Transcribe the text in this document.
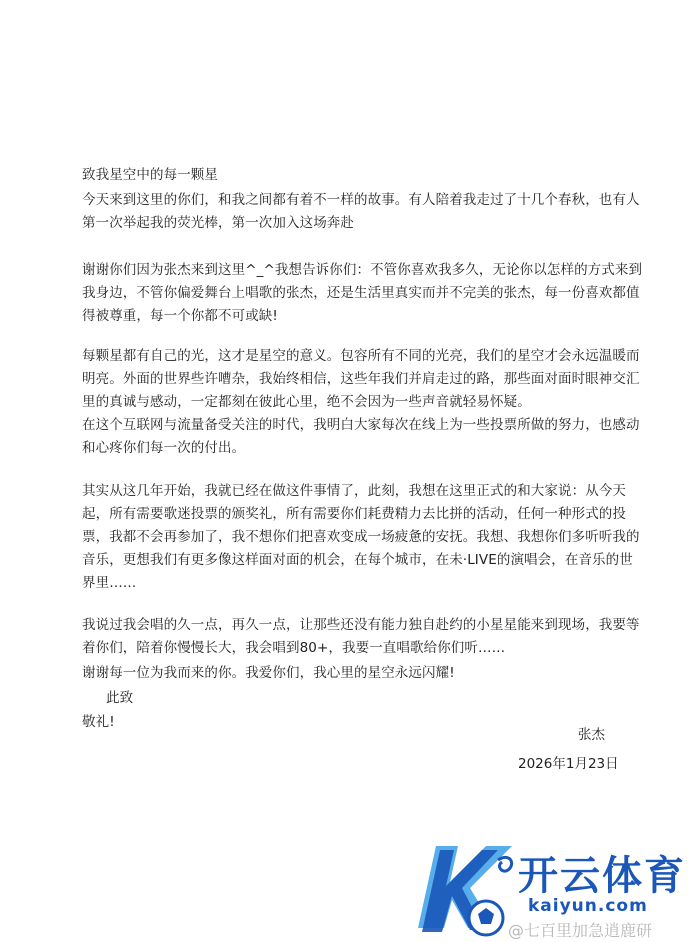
致我星空中的每一颗星
今天来到这里的你们，和我之间都有着不一样的故事。有人陪着我走过了十几个春秋，也有人
第一次举起我的荧光棒，第一次加入这场奔赴
谢谢你们因为张杰来到这里^_^我想告诉你们：不管你喜欢我多久，无论你以怎样的方式来到
我身边，不管你偏爱舞台上唱歌的张杰，还是生活里真实而并不完美的张杰，每一份喜欢都值
得被尊重，每一个你都不可或缺!
每颗星都有自己的光，这才是星空的意义。包容所有不同的光亮，我们的星空才会永远温暖而
明亮。外面的世界些许嘈杂，我始终相信，这些年我们并肩走过的路，那些面对面时眼神交汇
里的真诚与感动，一定都刻在彼此心里，绝不会因为一些声音就轻易怀疑。
在这个互联网与流量备受关注的时代，我明白大家每次在线上为一些投票所做的努力，也感动
和心疼你们每一次的付出。
其实从这几年开始，我就已经在做这件事情了，此刻，我想在这里正式的和大家说：从今天
起，所有需要歌迷投票的颁奖礼，所有需要你们耗费精力去比拼的活动，任何一种形式的投
票，我都不会再参加了，我不想你们把喜欢变成一场疲惫的安抚。我想、我想你们多听听我的
音乐，更想我们有更多像这样面对面的机会，在每个城市，在未·LIVE的演唱会，在音乐的世
界里……
我说过我会唱的久一点，再久一点，让那些还没有能力独自赴约的小星星能来到现场，我要等
着你们，陪着你慢慢长大，我会唱到80+，我要一直唱歌给你们听……
谢谢每一位为我而来的你。我爱你们，我心里的星空永远闪耀!
此致
敬礼!
张杰
2026年1月23日
开云体育
kaiyun.com
@七百里加急逍鹿研
